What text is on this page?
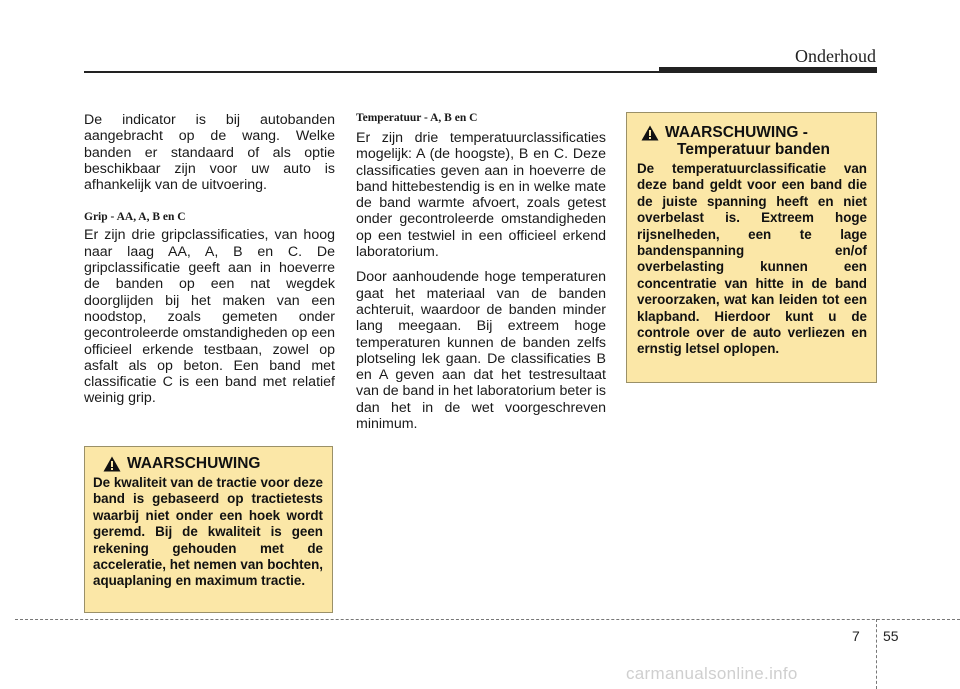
Onderhoud

De indicator is bij autobanden aangebracht op de wang. Welke banden er standaard of als optie beschikbaar zijn voor uw auto is afhankelijk van de uitvoering.

Grip - AA, A, B en C

Er zijn drie gripclassificaties, van hoog naar laag AA, A, B en C. De gripclassificatie geeft aan in hoeverre de banden op een nat wegdek doorglijden bij het maken van een noodstop, zoals gemeten onder gecontroleerde omstandigheden op een officieel erkende testbaan, zowel op asfalt als op beton. Een band met classificatie C is een band met relatief weinig grip.

Temperatuur - A, B en C

Er zijn drie temperatuurclassificaties mogelijk: A (de hoogste), B en C. Deze classificaties geven aan in hoeverre de band hittebestendig is en in welke mate de band warmte afvoert, zoals getest onder gecontroleerde omstandigheden op een testwiel in een officieel erkend laboratorium.

Door aanhoudende hoge temperaturen gaat het materiaal van de banden achteruit, waardoor de banden minder lang meegaan. Bij extreem hoge temperaturen kunnen de banden zelfs plotseling lek gaan. De classificaties B en A geven aan dat het testresultaat van de band in het laboratorium beter is dan het in de wet voorgeschreven minimum.

WAARSCHUWING

De kwaliteit van de tractie voor deze band is gebaseerd op tractietests waarbij niet onder een hoek wordt geremd. Bij de kwaliteit is geen rekening gehouden met de acceleratie, het nemen van bochten, aquaplaning en maximum tractie.

WAARSCHUWING -
Temperatuur banden

De temperatuurclassificatie van deze band geldt voor een band die de juiste spanning heeft en niet overbelast is. Extreem hoge rijsnelheden, een te lage bandenspanning en/of overbelasting kunnen een concentratie van hitte in de band veroorzaken, wat kan leiden tot een klapband. Hierdoor kunt u de controle over de auto verliezen en ernstig letsel oplopen.

7 55
carmanualsonline.info
